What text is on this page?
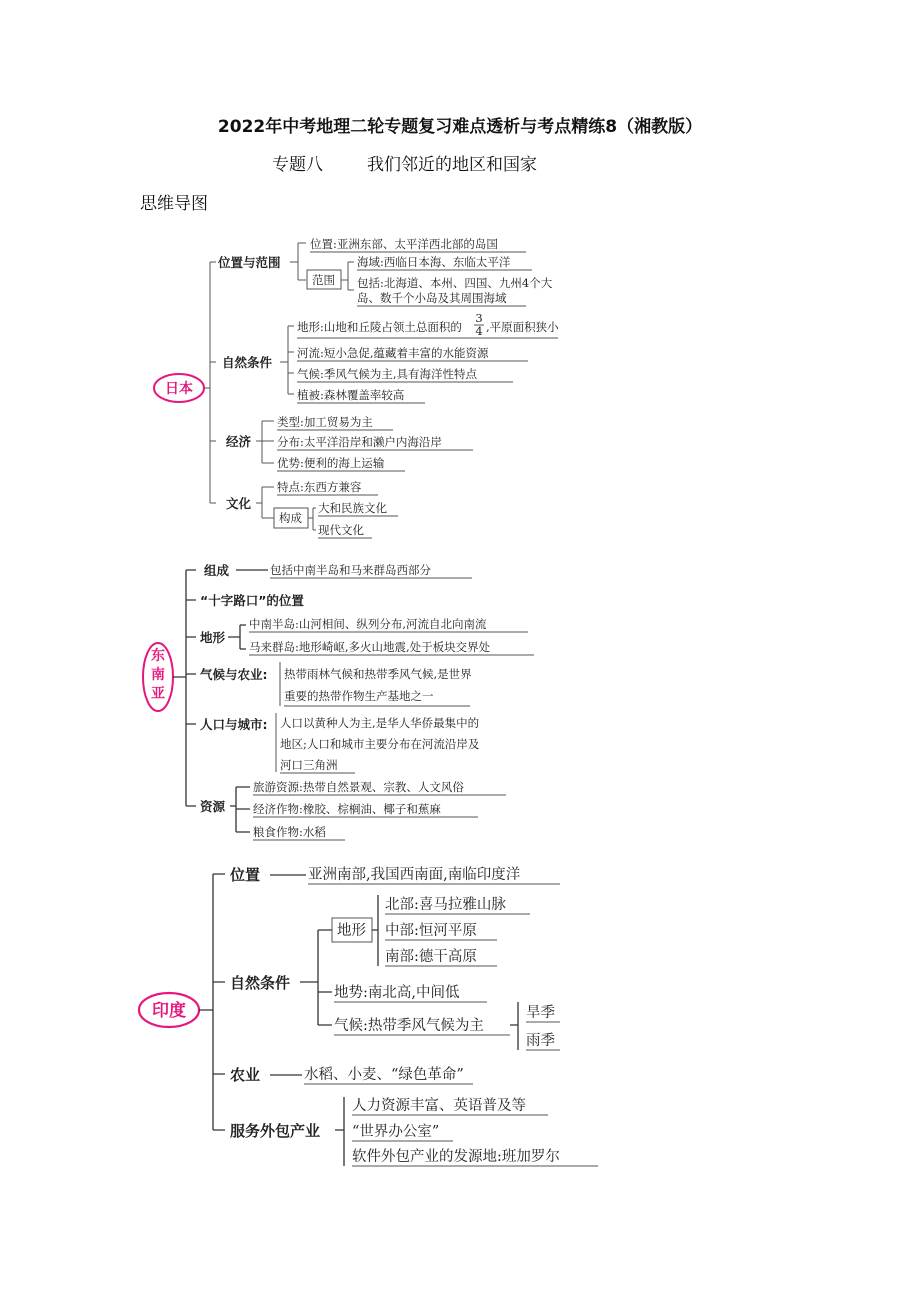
2022年中考地理二轮专题复习难点透析与考点精练8（湘教版）
专题八	我们邻近的地区和国家
思维导图
日本
位置与范围
位置:亚洲东部、太平洋西北部的岛国
范围
海域:西临日本海、东临太平洋
包括:北海道、本州、四国、九州4个大
岛、数千个小岛及其周围海域
自然条件
地形:山地和丘陵占领土总面积的
3
4 ,平原面积狭小
河流:短小急促,蕴藏着丰富的水能资源
气候:季风气候为主,具有海洋性特点
植被:森林覆盖率较高
经济
类型:加工贸易为主
分布:太平洋沿岸和濑户内海沿岸
优势:便利的海上运输
文化
特点:东西方兼容
构成
大和民族文化
现代文化
东
南
亚
组成	包括中南半岛和马来群岛西部分
“十字路口”的位置
地形
中南半岛:山河相间、纵列分布,河流自北向南流
马来群岛:地形崎岖,多火山地震,处于板块交界处
气候与农业: 热带雨林气候和热带季风气候,是世界
重要的热带作物生产基地之一
人口与城市: 人口以黄种人为主,是华人华侨最集中的
地区;人口和城市主要分布在河流沿岸及
河口三角洲
资源
旅游资源:热带自然景观、宗教、人文风俗
经济作物:橡胶、棕榈油、椰子和蕉麻
粮食作物:水稻
印度
位置	亚洲南部,我国西南面,南临印度洋
自然条件
地形
北部:喜马拉雅山脉
中部:恒河平原
南部:德干高原
地势:南北高,中间低
气候:热带季风气候为主
旱季
雨季
农业	水稻、小麦、“绿色革命”
服务外包产业
人力资源丰富、英语普及等
“世界办公室”
软件外包产业的发源地:班加罗尔
